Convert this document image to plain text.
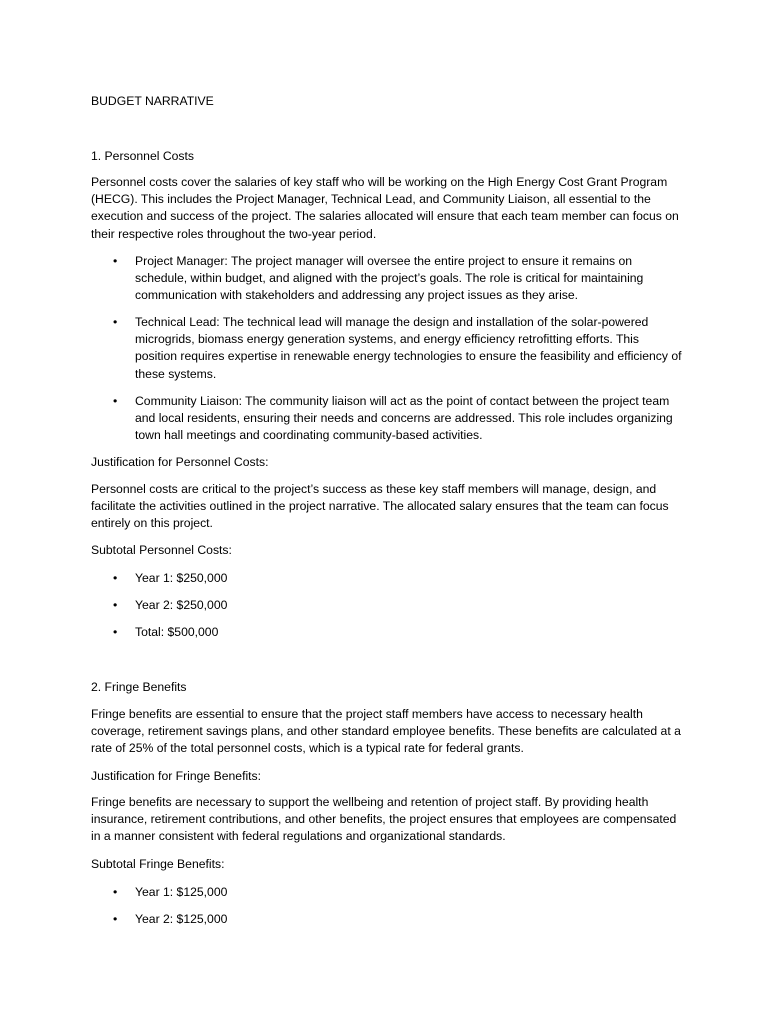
BUDGET NARRATIVE

1. Personnel Costs

Personnel costs cover the salaries of key staff who will be working on the High Energy Cost Grant Program (HECG). This includes the Project Manager, Technical Lead, and Community Liaison, all essential to the execution and success of the project. The salaries allocated will ensure that each team member can focus on their respective roles throughout the two-year period.

• Project Manager: The project manager will oversee the entire project to ensure it remains on schedule, within budget, and aligned with the project’s goals. The role is critical for maintaining communication with stakeholders and addressing any project issues as they arise.
• Technical Lead: The technical lead will manage the design and installation of the solar-powered microgrids, biomass energy generation systems, and energy efficiency retrofitting efforts. This position requires expertise in renewable energy technologies to ensure the feasibility and efficiency of these systems.
• Community Liaison: The community liaison will act as the point of contact between the project team and local residents, ensuring their needs and concerns are addressed. This role includes organizing town hall meetings and coordinating community-based activities.

Justification for Personnel Costs:

Personnel costs are critical to the project’s success as these key staff members will manage, design, and facilitate the activities outlined in the project narrative. The allocated salary ensures that the team can focus entirely on this project.

Subtotal Personnel Costs:

• Year 1: $250,000
• Year 2: $250,000
• Total: $500,000

2. Fringe Benefits

Fringe benefits are essential to ensure that the project staff members have access to necessary health coverage, retirement savings plans, and other standard employee benefits. These benefits are calculated at a rate of 25% of the total personnel costs, which is a typical rate for federal grants.

Justification for Fringe Benefits:

Fringe benefits are necessary to support the wellbeing and retention of project staff. By providing health insurance, retirement contributions, and other benefits, the project ensures that employees are compensated in a manner consistent with federal regulations and organizational standards.

Subtotal Fringe Benefits:

• Year 1: $125,000
• Year 2: $125,000
